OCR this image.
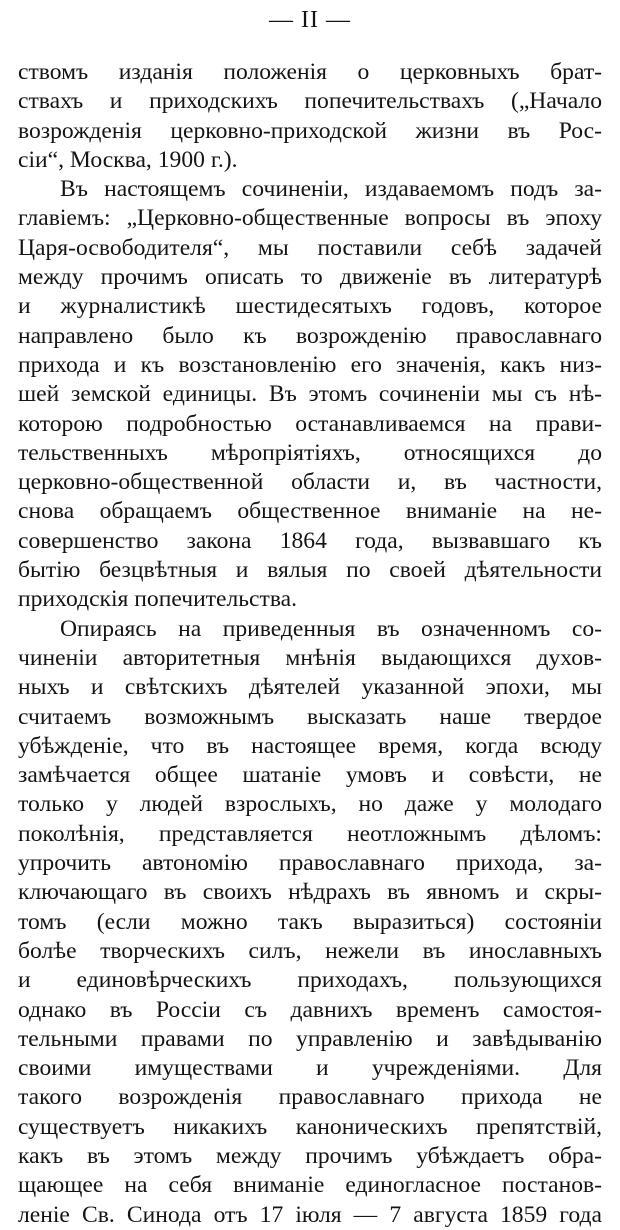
— II —
ствомъ изданія положенія о церковныхъ брат-
ствахъ и приходскихъ попечительствахъ („Начало
возрожденія церковно-приходской жизни въ Рос-
сіи“, Москва, 1900 г.).
Въ настоящемъ сочиненіи, издаваемомъ подъ за-
главіемъ: „Церковно-общественные вопросы въ эпоху
Царя-освободителя“, мы поставили себѣ задачей
между прочимъ описать то движеніе въ литературѣ
и журналистикѣ шестидесятыхъ годовъ, которое
направлено было къ возрожденію православнаго
прихода и къ возстановленію его значенія, какъ низ-
шей земской единицы. Въ этомъ сочиненіи мы съ нѣ-
которою подробностью останавливаемся на прави-
тельственныхъ мѣропріятіяхъ, относящихся до
церковно-общественной области и, въ частности,
снова обращаемъ общественное вниманіе на не-
совершенство закона 1864 года, вызвавшаго къ
бытію безцвѣтныя и вялыя по своей дѣятельности
приходскія попечительства.
Опираясь на приведенныя въ означенномъ со-
чиненіи авторитетныя мнѣнія выдающихся духов-
ныхъ и свѣтскихъ дѣятелей указанной эпохи, мы
считаемъ возможнымъ высказать наше твердое
убѣжденіе, что въ настоящее время, когда всюду
замѣчается общее шатаніе умовъ и совѣсти, не
только у людей взрослыхъ, но даже у молодаго
поколѣнія, представляется неотложнымъ дѣломъ:
упрочить автономію православнаго прихода, за-
ключающаго въ своихъ нѣдрахъ въ явномъ и скры-
томъ (если можно такъ выразиться) состояніи
болѣе творческихъ силъ, нежели въ инославныхъ
и единовѣрческихъ приходахъ, пользующихся
однако въ Россіи съ давнихъ временъ самостоя-
тельными правами по управленію и завѣдыванію
своими имуществами и учрежденіями. Для
такого возрожденія православнаго прихода не
существуетъ никакихъ каноническихъ препятствій,
какъ въ этомъ между прочимъ убѣждаетъ обра-
щающее на себя вниманіе единогласное постанов-
леніе Св. Синода отъ 17 іюля — 7 августа 1859 года
